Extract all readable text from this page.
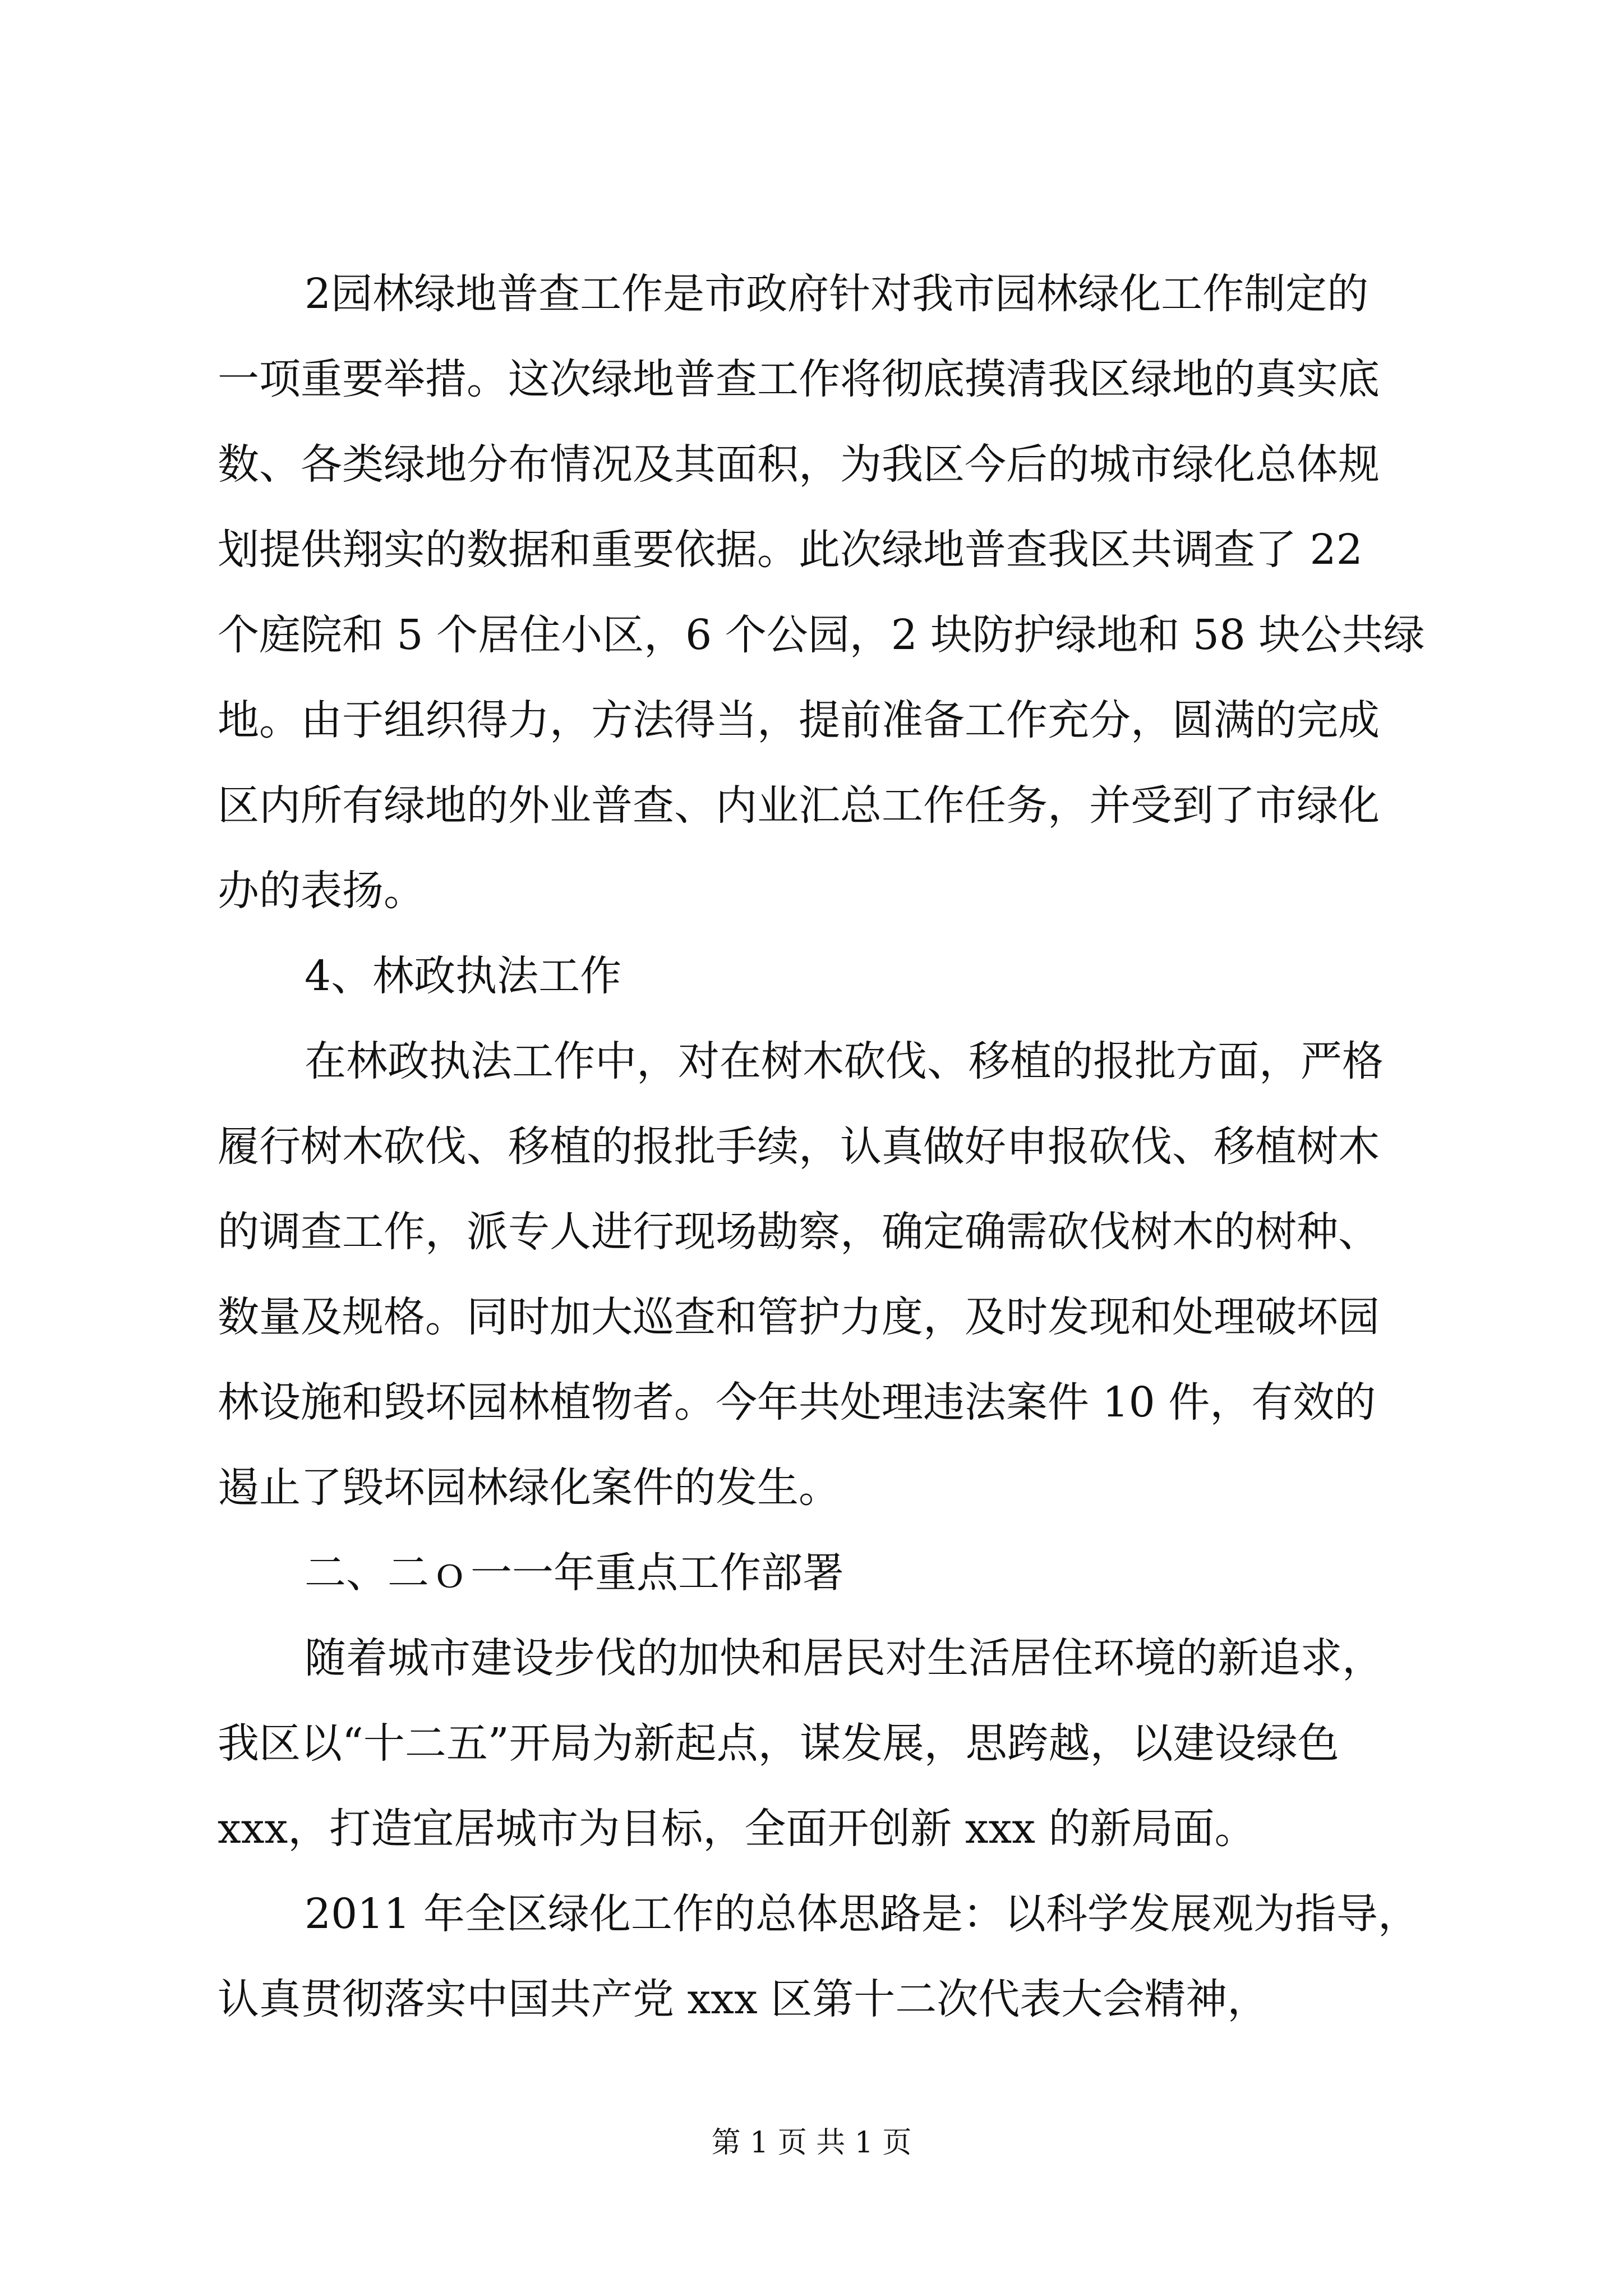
2园林绿地普查工作是市政府针对我市园林绿化工作制定的

一项重要举措。这次绿地普查工作将彻底摸清我区绿地的真实底

数、各类绿地分布情况及其面积，为我区今后的城市绿化总体规

划提供翔实的数据和重要依据。此次绿地普查我区共调查了 22

个庭院和 5 个居住小区，6 个公园，2 块防护绿地和 58 块公共绿

地。由于组织得力，方法得当，提前准备工作充分，圆满的完成

区内所有绿地的外业普查、内业汇总工作任务，并受到了市绿化

办的表扬。

4、林政执法工作

在林政执法工作中，对在树木砍伐、移植的报批方面，严格

履行树木砍伐、移植的报批手续，认真做好申报砍伐、移植树木

的调查工作，派专人进行现场勘察，确定确需砍伐树木的树种、

数量及规格。同时加大巡查和管护力度，及时发现和处理破坏园

林设施和毁坏园林植物者。今年共处理违法案件 10 件，有效的

遏止了毁坏园林绿化案件的发生。

二、二ｏ一一年重点工作部署

随着城市建设步伐的加快和居民对生活居住环境的新追求，

我区以“十二五”开局为新起点，谋发展，思跨越，以建设绿色

xxx，打造宜居城市为目标，全面开创新 xxx 的新局面。

2011 年全区绿化工作的总体思路是：以科学发展观为指导，

认真贯彻落实中国共产党 xxx 区第十二次代表大会精神，

第 1 页 共 1 页
